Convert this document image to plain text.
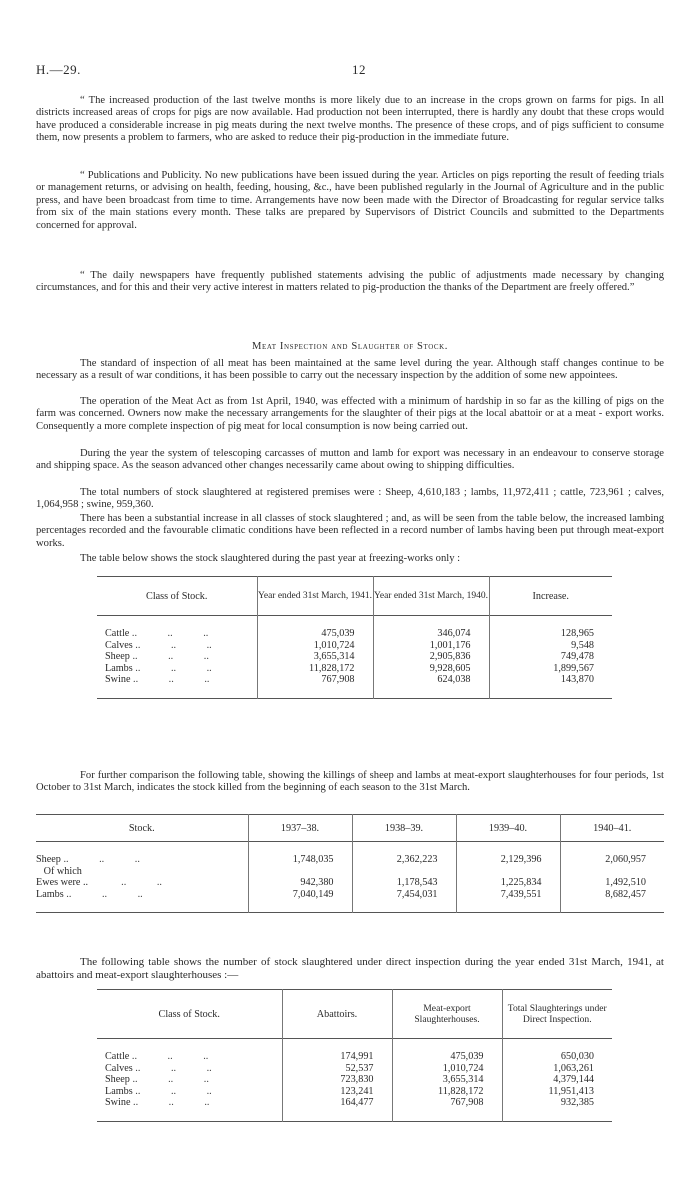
H.—29.	12

“ The increased production of the last twelve months is more likely due to an increase in the crops grown on farms for pigs. In all districts increased areas of crops for pigs are now available. Had production not been interrupted, there is hardly any doubt that these crops would have produced a considerable increase in pig meats during the next twelve months. The presence of these crops, and of pigs sufficient to consume them, now presents a problem to farmers, who are asked to reduce their pig-production in the immediate future.

“ Publications and Publicity. No new publications have been issued during the year. Articles on pigs reporting the result of feeding trials or management returns, or advising on health, feeding, housing, &c., have been published regularly in the Journal of Agriculture and in the public press, and have been broadcast from time to time. Arrangements have now been made with the Director of Broadcasting for regular service talks from six of the main stations every month. These talks are prepared by Supervisors of District Councils and submitted to the Departments concerned for approval.

“ The daily newspapers have frequently published statements advising the public of adjustments made necessary by changing circumstances, and for this and their very active interest in matters related to pig-production the thanks of the Department are freely offered.”

Meat Inspection and Slaughter of Stock.

The standard of inspection of all meat has been maintained at the same level during the year. Although staff changes continue to be necessary as a result of war conditions, it has been possible to carry out the necessary inspection by the addition of some new appointees.

The operation of the Meat Act as from 1st April, 1940, was effected with a minimum of hardship in so far as the killing of pigs on the farm was concerned. Owners now make the necessary arrangements for the slaughter of their pigs at the local abattoir or at a meat - export works. Consequently a more complete inspection of pig meat for local consumption is now being carried out.

During the year the system of telescoping carcasses of mutton and lamb for export was necessary in an endeavour to conserve storage and shipping space. As the season advanced other changes necessarily came about owing to shipping difficulties.

The total numbers of stock slaughtered at registered premises were : Sheep, 4,610,183 ; lambs, 11,972,411 ; cattle, 723,961 ; calves, 1,064,958 ; swine, 959,360.

There has been a substantial increase in all classes of stock slaughtered ; and, as will be seen from the table below, the increased lambing percentages recorded and the favourable climatic conditions have been reflected in a record number of lambs having been put through meat-export works.

The table below shows the stock slaughtered during the past year at freezing-works only :

Class of Stock.	Year ended 31st March, 1941.	Year ended 31st March, 1940.	Increase.

Cattle ..            ..            ..	475,039	346,074	128,965
Calves ..            ..            ..	1,010,724	1,001,176	9,548
Sheep ..            ..            ..	3,655,314	2,905,836	749,478
Lambs ..            ..            ..	11,828,172	9,928,605	1,899,567
Swine ..            ..            ..	767,908	624,038	143,870

For further comparison the following table, showing the killings of sheep and lambs at meat-export slaughterhouses for four periods, 1st October to 31st March, indicates the stock killed from the beginning of each season to the 31st March.

Stock.	1937–38.	1938–39.	1939–40.	1940–41.

Sheep ..            ..            ..	1,748,035	2,362,223	2,129,396	2,060,957
Of which				
Ewes were ..             ..            ..	942,380	1,178,543	1,225,834	1,492,510
Lambs ..            ..            ..	7,040,149	7,454,031	7,439,551	8,682,457

The following table shows the number of stock slaughtered under direct inspection during the year ended 31st March, 1941, at abattoirs and meat-export slaughterhouses :—

Class of Stock.	Abattoirs.	Meat-export Slaughterhouses.	Total Slaughterings under Direct Inspection.

Cattle ..            ..            ..	174,991	475,039	650,030
Calves ..            ..            ..	52,537	1,010,724	1,063,261
Sheep ..            ..            ..	723,830	3,655,314	4,379,144
Lambs ..            ..            ..	123,241	11,828,172	11,951,413
Swine ..            ..            ..	164,477	767,908	932,385
